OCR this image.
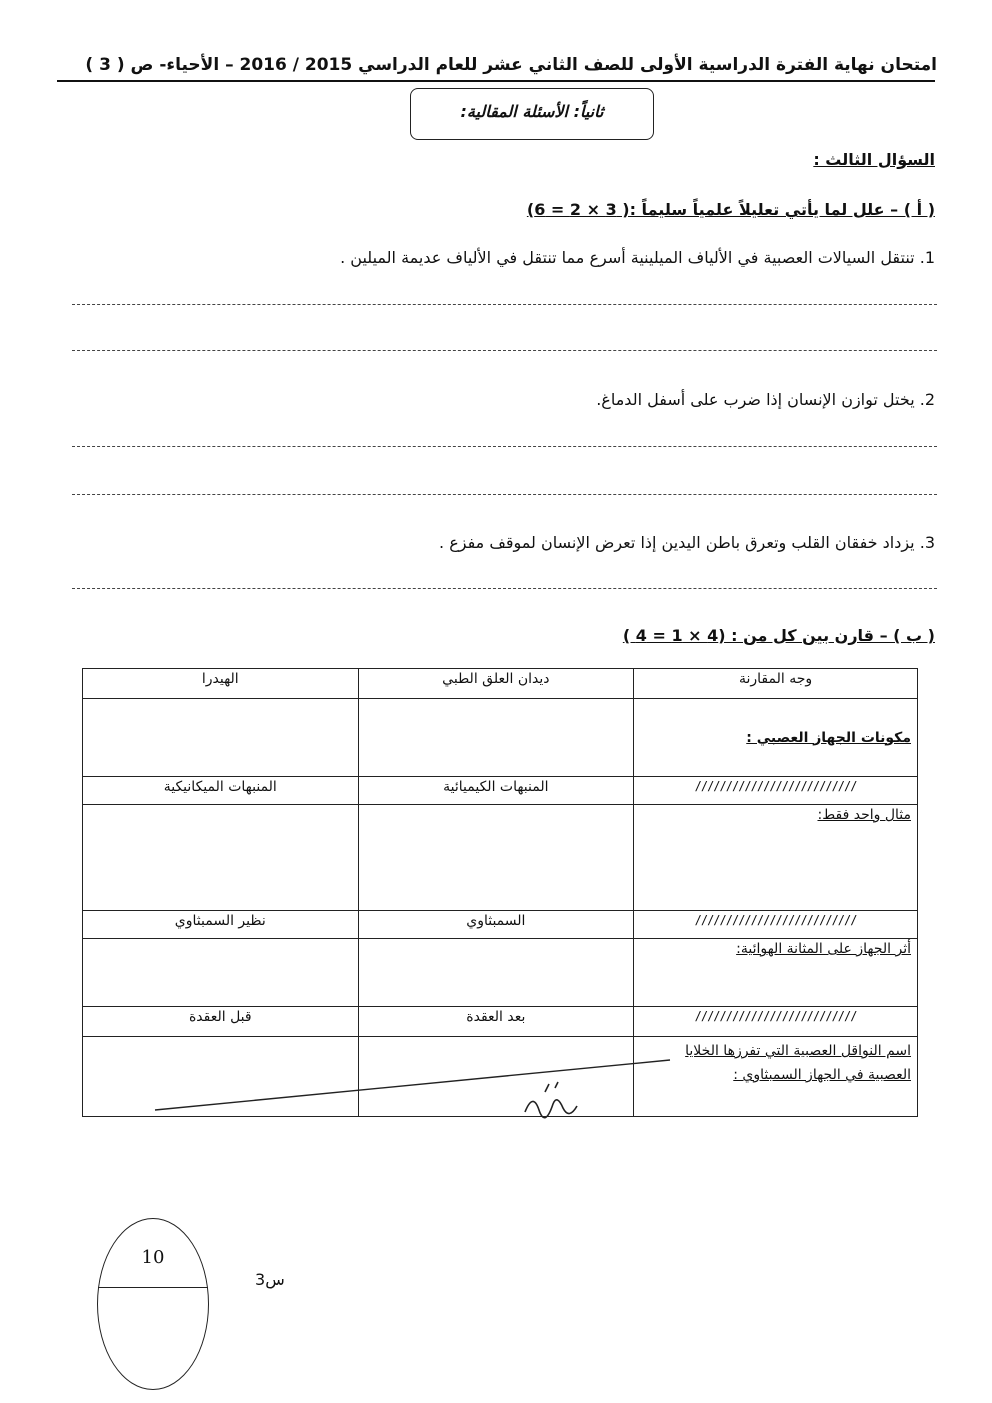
امتحان نهاية الفترة الدراسية الأولى للصف الثاني عشر للعام الدراسي 2015 / 2016 – الأحياء- ص ( 3 )
ثانياً: الأسئلة المقالية:
السؤال الثالث :
( أ ) – علل لما يأتي تعليلاً علمياً سليماً :( 3 × 2 = 6)
1. تنتقل السيالات العصبية في الألياف الميلينية أسرع مما تنتقل في الألياف عديمة الميلين .
2. يختل توازن الإنسان إذا ضرب على أسفل الدماغ.
3. يزداد خفقان القلب وتعرق باطن اليدين إذا تعرض الإنسان لموقف مفزع .
( ب ) – قارن بين كل من : (4 × 1 = 4 )
وجه المقارنة	ديدان العلق الطبي	الهيدرا
مكونات الجهاز العصبي :		
//////////////////////////	المنبهات الكيميائية	المنبهات الميكانيكية
مثال واحد فقط:		
//////////////////////////	السمبثاوي	نظير السمبثاوي
أثر الجهاز على المثانة الهوائية:		
//////////////////////////	بعد العقدة	قبل العقدة
اسم النواقل العصبية التي تفرزها الخلايا العصبية في الجهاز السمبثاوي :		
10
س3
